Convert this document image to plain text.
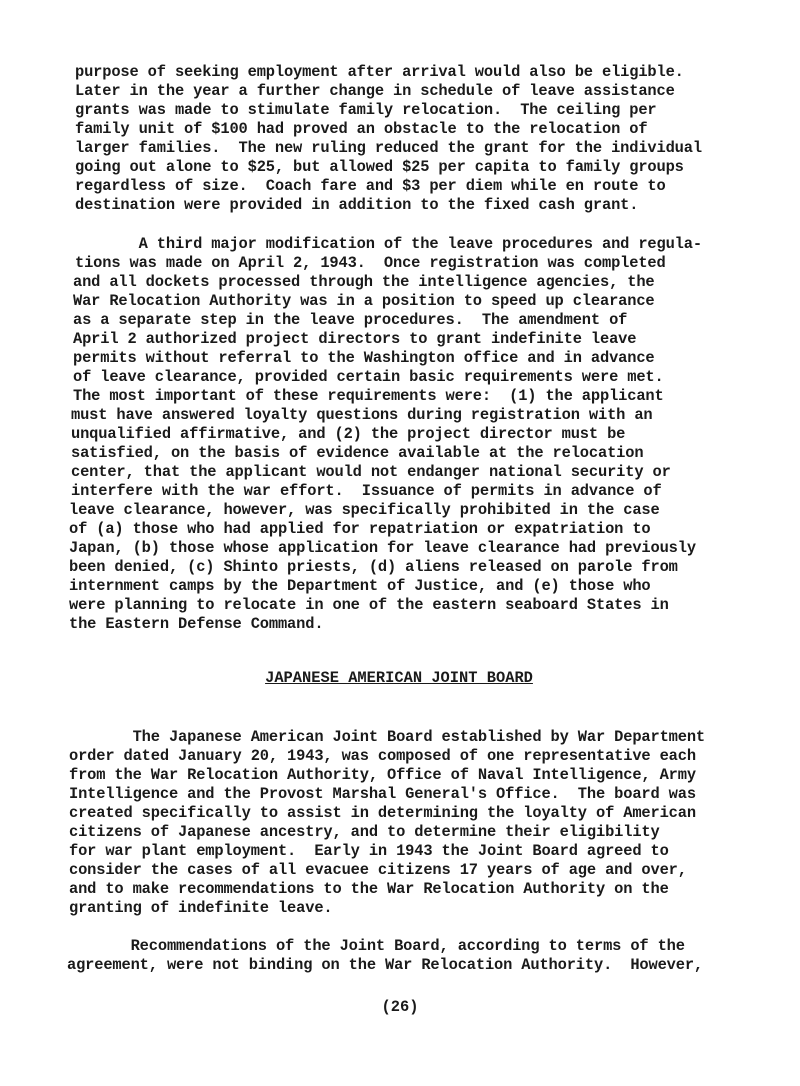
purpose of seeking employment after arrival would also be eligible.
Later in the year a further change in schedule of leave assistance
grants was made to stimulate family relocation.  The ceiling per
family unit of $100 had proved an obstacle to the relocation of
larger families.  The new ruling reduced the grant for the individual
going out alone to $25, but allowed $25 per capita to family groups
regardless of size.  Coach fare and $3 per diem while en route to
destination were provided in addition to the fixed cash grant.
A third major modification of the leave procedures and regula-
tions was made on April 2, 1943.  Once registration was completed
and all dockets processed through the intelligence agencies, the
War Relocation Authority was in a position to speed up clearance
as a separate step in the leave procedures.  The amendment of
April 2 authorized project directors to grant indefinite leave
permits without referral to the Washington office and in advance
of leave clearance, provided certain basic requirements were met.
The most important of these requirements were:  (1) the applicant
must have answered loyalty questions during registration with an
unqualified affirmative, and (2) the project director must be
satisfied, on the basis of evidence available at the relocation
center, that the applicant would not endanger national security or
interfere with the war effort.  Issuance of permits in advance of
leave clearance, however, was specifically prohibited in the case
of (a) those who had applied for repatriation or expatriation to
Japan, (b) those whose application for leave clearance had previously
been denied, (c) Shinto priests, (d) aliens released on parole from
internment camps by the Department of Justice, and (e) those who
were planning to relocate in one of the eastern seaboard States in
the Eastern Defense Command.
JAPANESE AMERICAN JOINT BOARD
The Japanese American Joint Board established by War Department
order dated January 20, 1943, was composed of one representative each
from the War Relocation Authority, Office of Naval Intelligence, Army
Intelligence and the Provost Marshal General's Office.  The board was
created specifically to assist in determining the loyalty of American
citizens of Japanese ancestry, and to determine their eligibility
for war plant employment.  Early in 1943 the Joint Board agreed to
consider the cases of all evacuee citizens 17 years of age and over,
and to make recommendations to the War Relocation Authority on the
granting of indefinite leave.
Recommendations of the Joint Board, according to terms of the
agreement, were not binding on the War Relocation Authority.  However,
(26)
